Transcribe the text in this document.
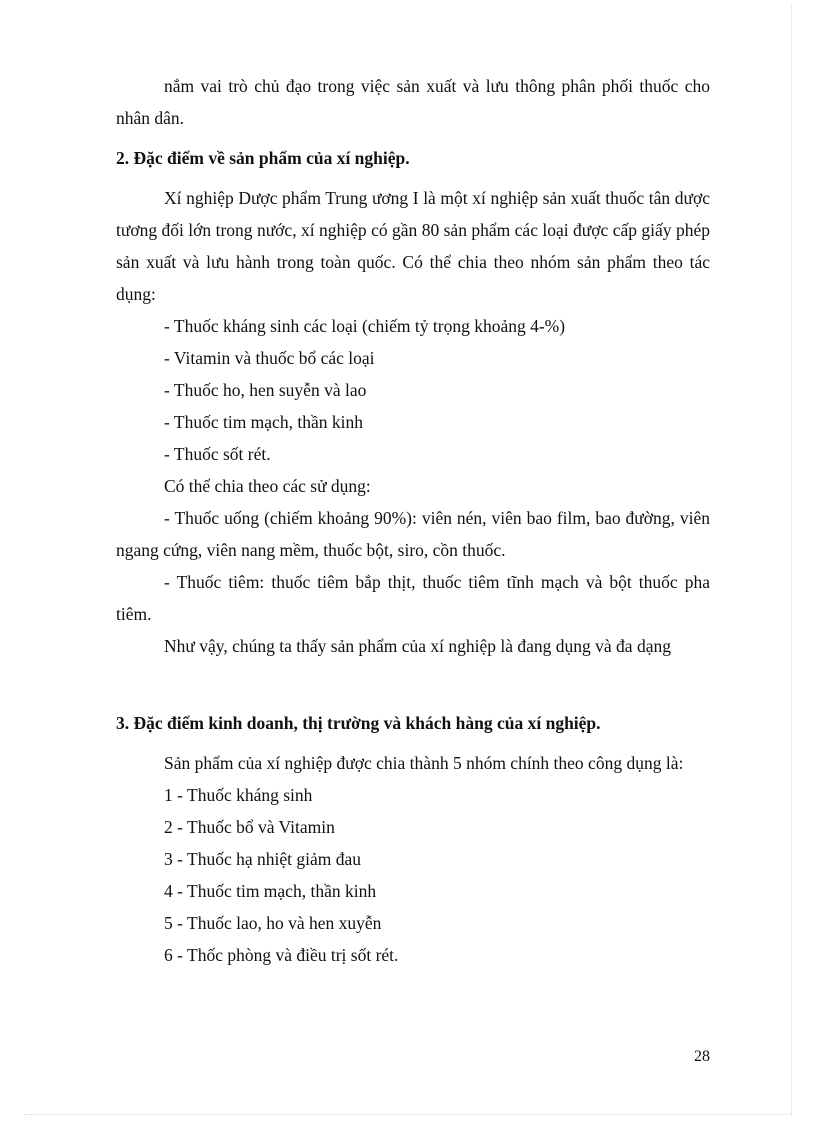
nắm vai trò chủ đạo trong việc sản xuất và lưu thông phân phối thuốc cho nhân dân.

2. Đặc điểm về sản phẩm của xí nghiệp.

Xí nghiệp Dược phẩm Trung ương I là một xí nghiệp sản xuất thuốc tân dược tương đối lớn trong nước, xí nghiệp có gần 80 sản phẩm các loại được cấp giấy phép sản xuất và lưu hành trong toàn quốc. Có thể chia theo nhóm sản phẩm theo tác dụng:

- Thuốc kháng sinh các loại (chiếm tỷ trọng khoảng 4-%)

- Vitamin và thuốc bổ các loại

- Thuốc ho, hen suyễn và lao

- Thuốc tim mạch, thần kinh

- Thuốc sốt rét.

Có thể chia theo các sử dụng:

- Thuốc uống (chiếm khoảng 90%): viên nén, viên bao film, bao đường, viên ngang cứng, viên nang mềm, thuốc bột, siro, cồn thuốc.

- Thuốc tiêm: thuốc tiêm bắp thịt, thuốc tiêm tĩnh mạch và bột thuốc pha tiêm.

Như vậy, chúng ta thấy sản phẩm của xí nghiệp là đang dụng và đa dạng

3. Đặc điểm kinh doanh, thị trường và khách hàng của xí nghiệp.

Sản phẩm của xí nghiệp được chia thành 5 nhóm chính theo công dụng là:

1 - Thuốc kháng sinh

2 - Thuốc bổ và Vitamin

3 - Thuốc hạ nhiệt giảm đau

4 - Thuốc tim mạch, thần kinh

5 - Thuốc lao, ho và hen xuyễn

6 - Thốc phòng và điều trị sốt rét.

28
